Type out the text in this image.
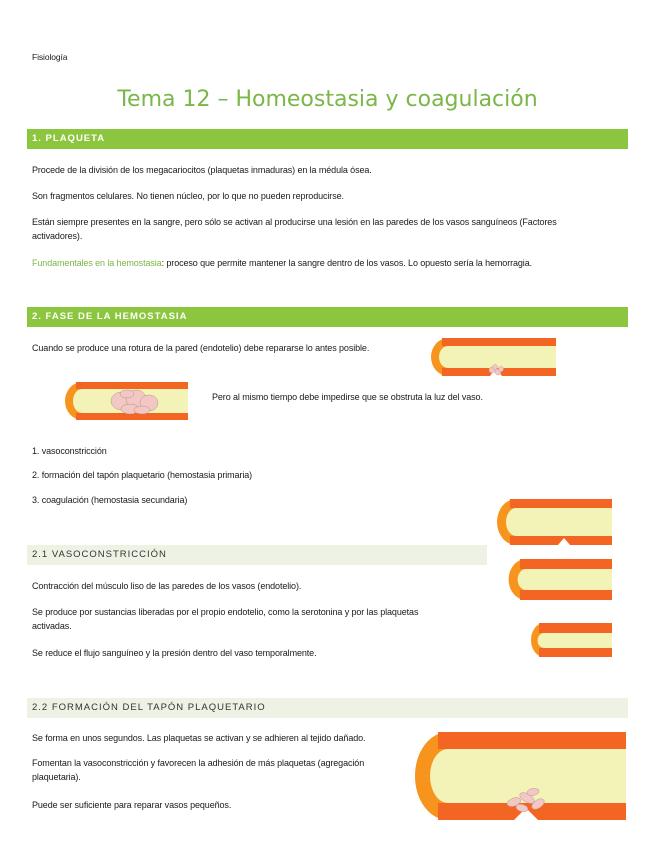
Fisiología
Tema 12 – Homeostasia y coagulación
1. PLAQUETA
Procede de la división de los megacariocitos (plaquetas inmaduras) en la médula ósea.
Son fragmentos celulares. No tienen núcleo, por lo que no pueden reproducirse.
Están siempre presentes en la sangre, pero sólo se activan al producirse una lesión en las paredes de los vasos sanguíneos (Factores
activadores).
Fundamentales en la hemostasia: proceso que permite mantener la sangre dentro de los vasos. Lo opuesto sería la hemorragia.
2. FASE DE LA HEMOSTASIA
Cuando se produce una rotura de la pared (endotelio) debe repararse lo antes posible.
Pero al mismo tiempo debe impedirse que se obstruta la luz del vaso.
1. vasoconstricción
2. formación del tapón plaquetario (hemostasia primaria)
3. coagulación (hemostasia secundaria)
2.1 VASOCONSTRICCIÓN
Contracción del músculo liso de las paredes de los vasos (endotelio).
Se produce por sustancias liberadas por el propio endotelio, como la serotonina y por las plaquetas
activadas.
Se reduce el flujo sanguíneo y la presión dentro del vaso temporalmente.
2.2 FORMACIÓN DEL TAPÓN PLAQUETARIO
Se forma en unos segundos. Las plaquetas se activan y se adhieren al tejido dañado.
Fomentan la vasoconstricción y favorecen la adhesión de más plaquetas (agregación
plaquetaria).
Puede ser suficiente para reparar vasos pequeños.
